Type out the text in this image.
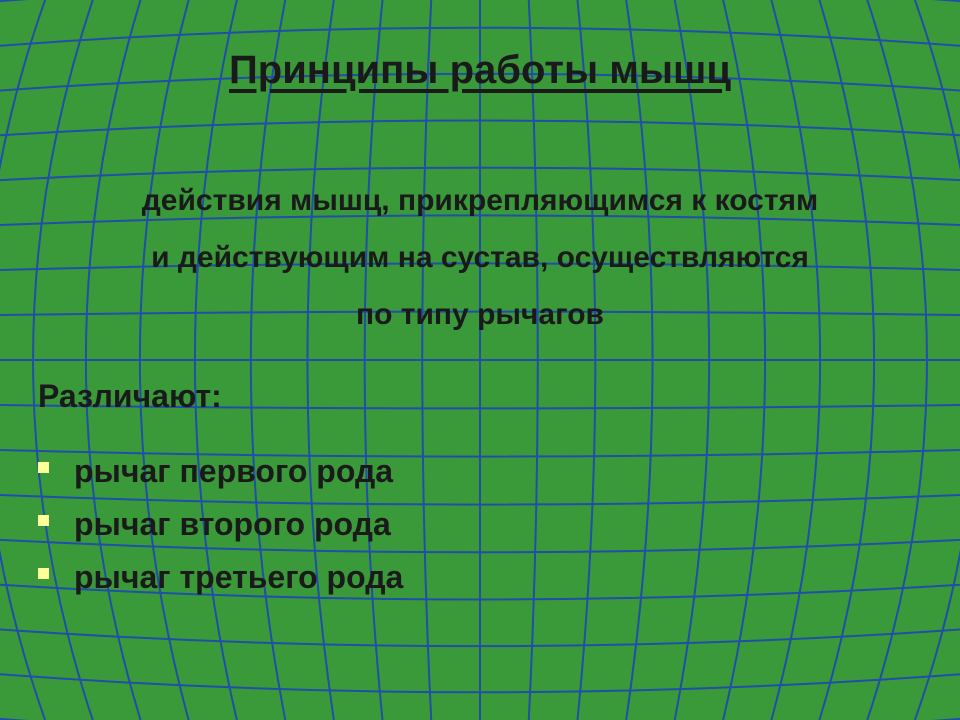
Принципы работы мышц
действия мышц, прикрепляющимся к костям
и действующим на сустав, осуществляются
по типу рычагов
Различают:
рычаг первого рода
рычаг второго рода
рычаг третьего рода
